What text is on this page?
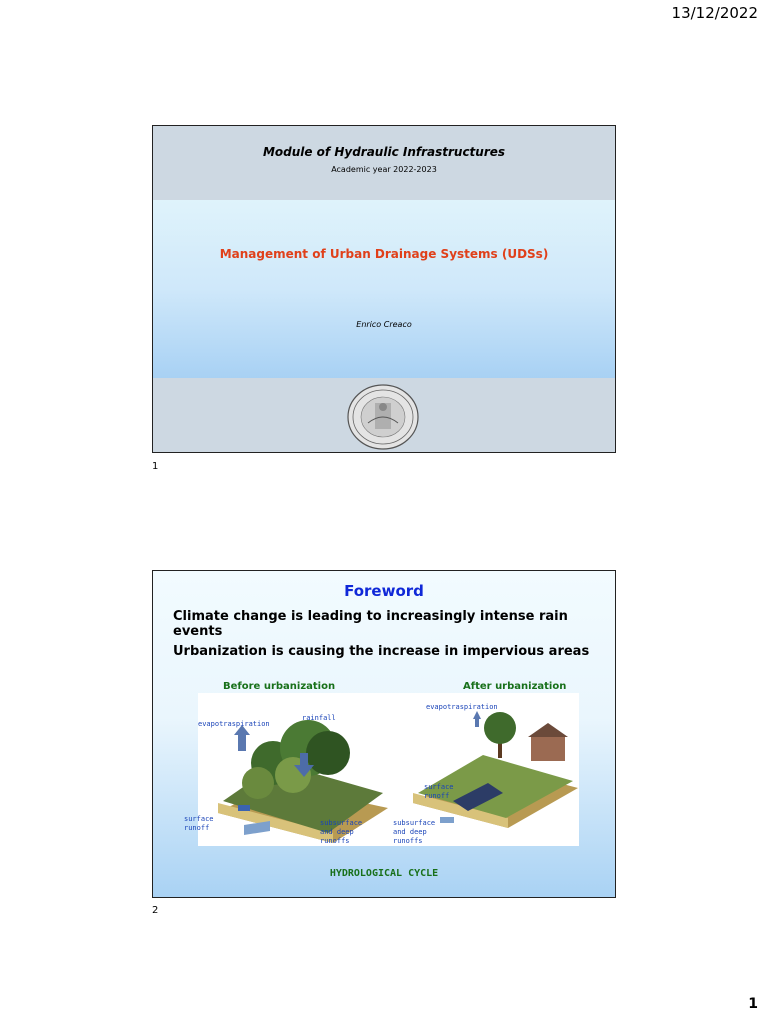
13/12/2022
Module of Hydraulic Infrastructures
Academic year 2022-2023
Management of Urban Drainage Systems (UDSs)
Enrico Creaco
1
Foreword
Climate change is leading to increasingly intense rain events
Urbanization is causing the increase in impervious areas
Before urbanization	After urbanization
evapotraspiration
rainfall
surface
runoff
subsurface
and deep
runoffs
evapotraspiration
surface
runoff
subsurface
and deep
runoffs
HYDROLOGICAL CYCLE
2
1
